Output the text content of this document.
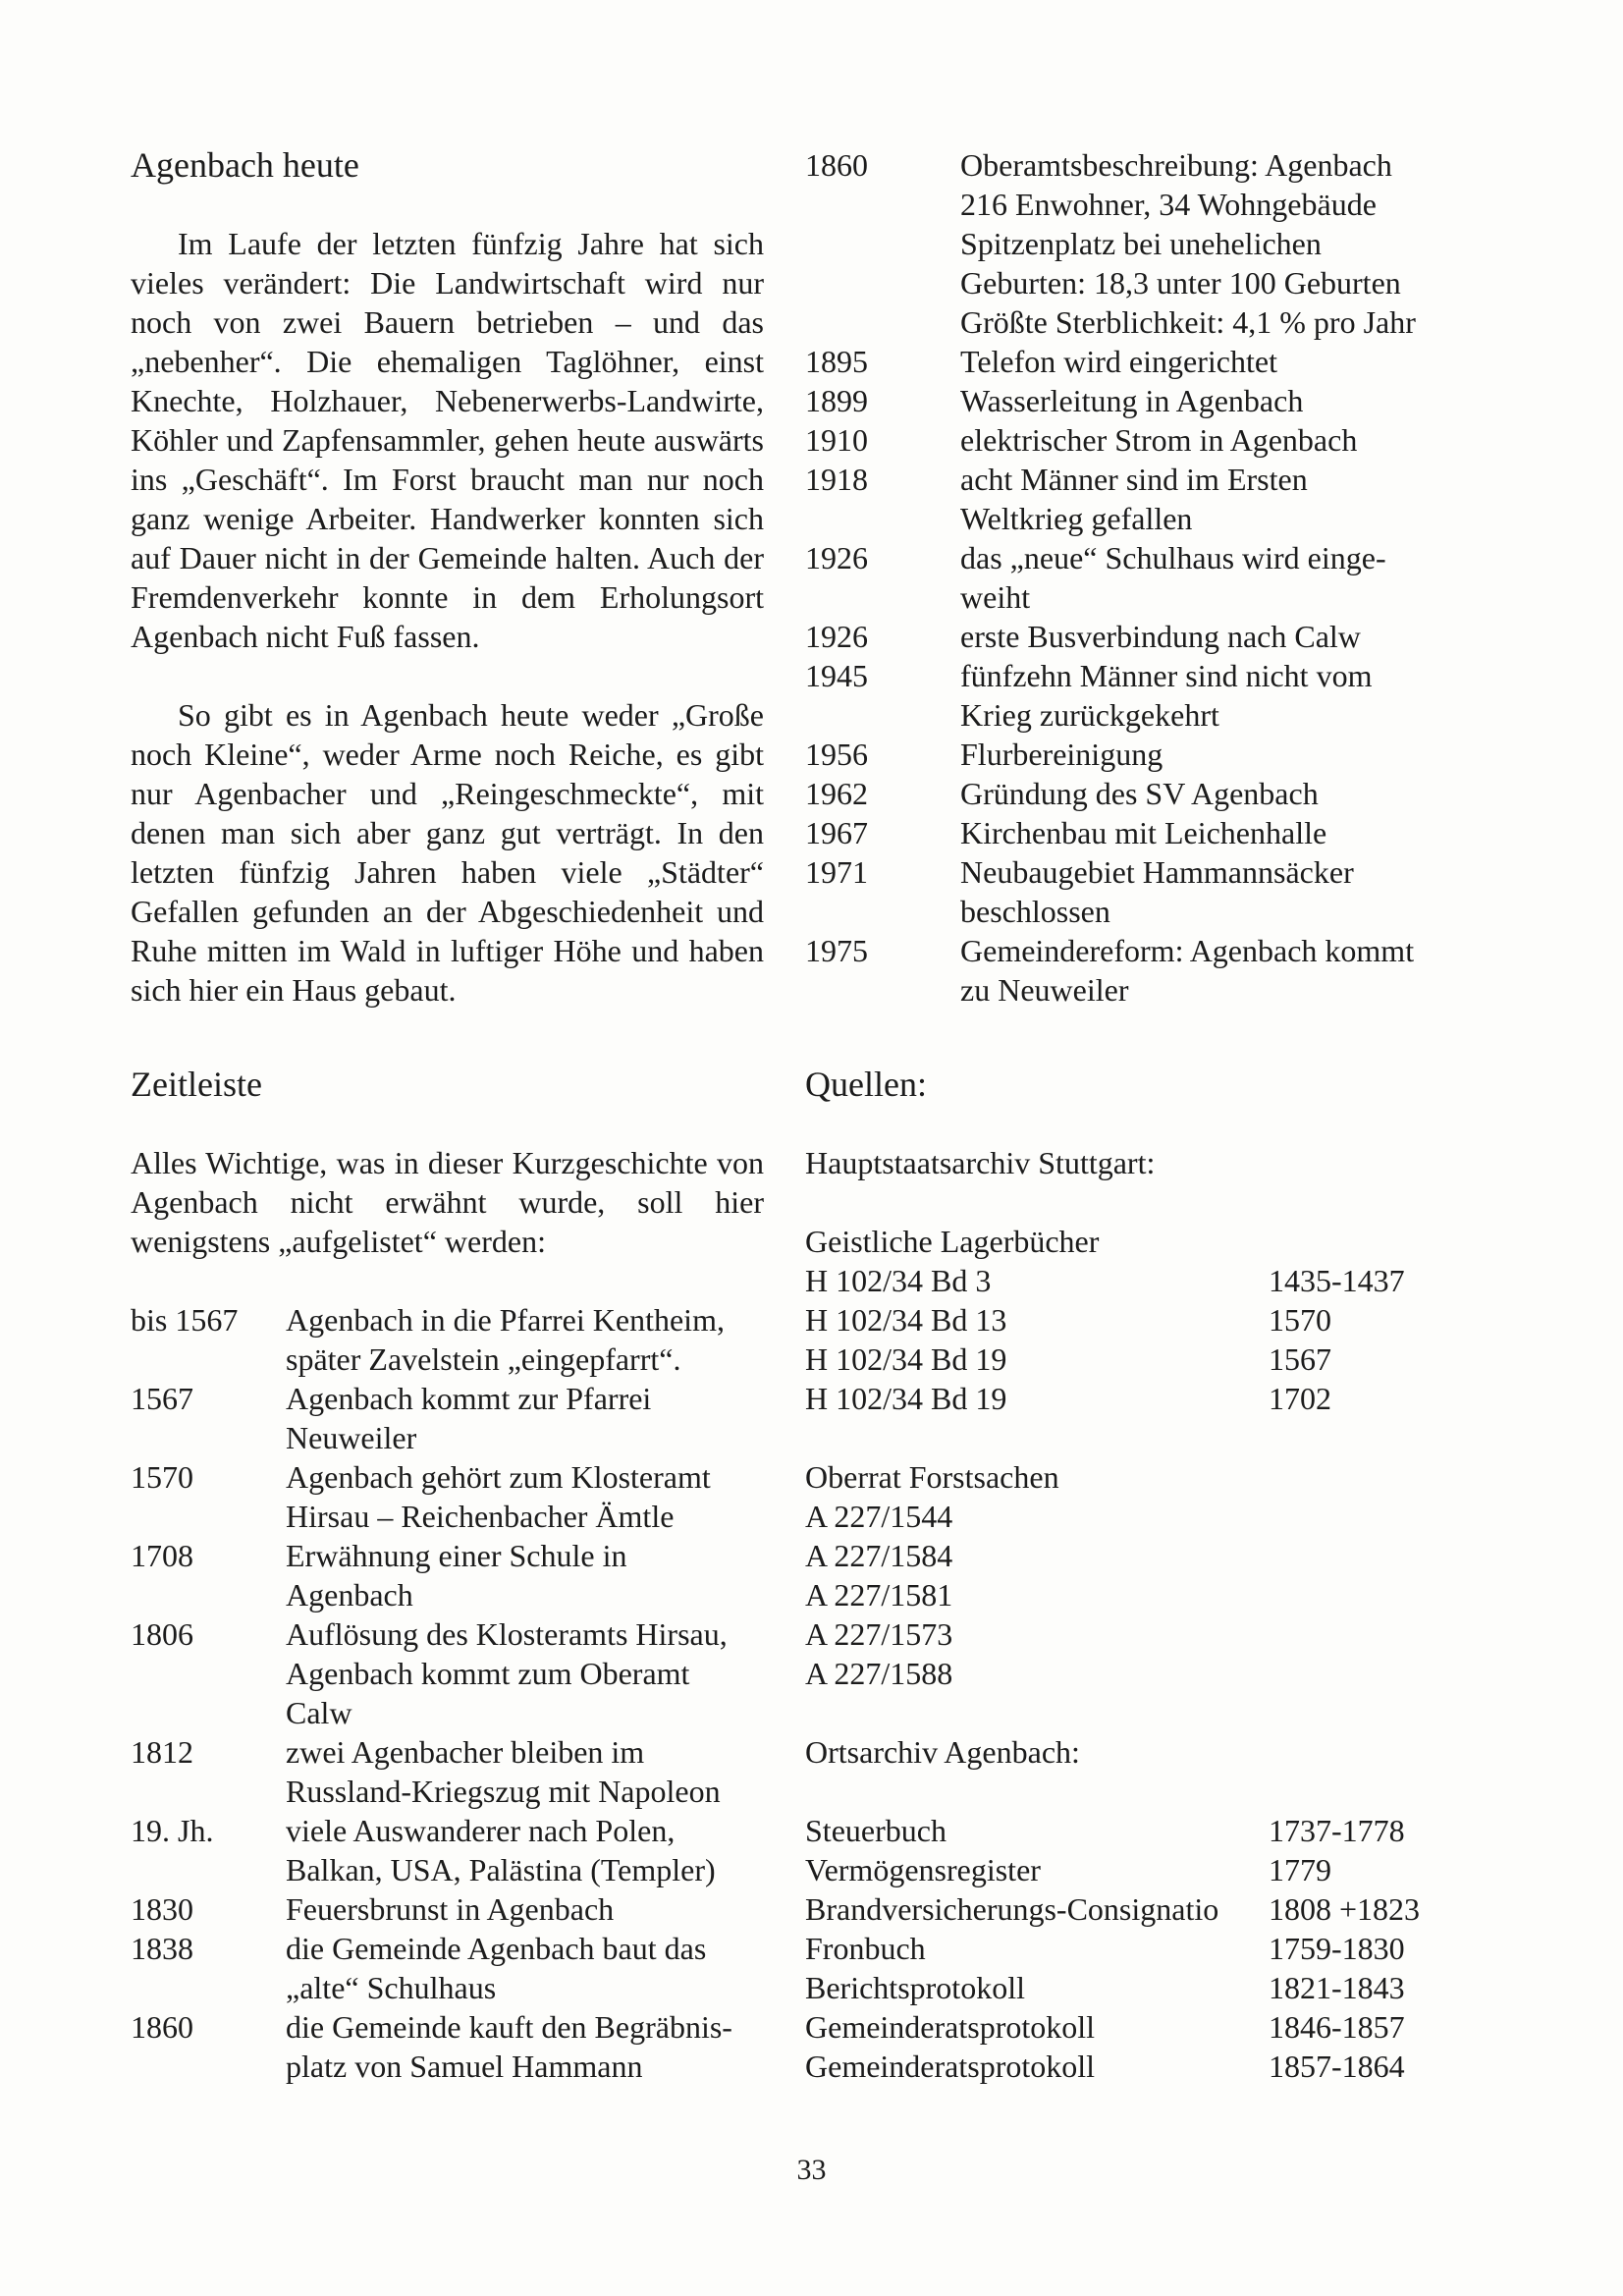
Agenbach heute

Im Laufe der letzten fünfzig Jahre hat sich vieles verändert: Die Landwirtschaft wird nur noch von zwei Bauern betrieben – und das „nebenher“. Die ehemaligen Taglöhner, einst Knechte, Holzhauer, Nebenerwerbs-Landwirte, Köhler und Zapfensammler, gehen heute auswärts ins „Geschäft“. Im Forst braucht man nur noch ganz wenige Arbeiter. Handwerker konnten sich auf Dauer nicht in der Gemeinde halten. Auch der Fremdenverkehr konnte in dem Erholungsort Agenbach nicht Fuß fassen.

So gibt es in Agenbach heute weder „Große noch Kleine“, weder Arme noch Reiche, es gibt nur Agenbacher und „Reingeschmeckte“, mit denen man sich aber ganz gut verträgt. In den letzten fünfzig Jahren haben viele „Städter“ Gefallen gefunden an der Abgeschiedenheit und Ruhe mitten im Wald in luftiger Höhe und haben sich hier ein Haus gebaut.

Zeitleiste

Alles Wichtige, was in dieser Kurzgeschichte von Agenbach nicht erwähnt wurde, soll hier wenigstens „aufgelistet“ werden:

bis 1567	Agenbach in die Pfarrei Kentheim,
später Zavelstein „eingepfarrt“.
1567	Agenbach kommt zur Pfarrei
Neuweiler
1570	Agenbach gehört zum Klosteramt
Hirsau – Reichenbacher Ämtle
1708	Erwähnung einer Schule in
Agenbach
1806	Auflösung des Klosteramts Hirsau,
Agenbach kommt zum Oberamt
Calw
1812	zwei Agenbacher bleiben im
Russland-Kriegszug mit Napoleon
19. Jh.	viele Auswanderer nach Polen,
Balkan, USA, Palästina (Templer)
1830	Feuersbrunst in Agenbach
1838	die Gemeinde Agenbach baut das
„alte“ Schulhaus
1860	die Gemeinde kauft den Begräbnis-
platz von Samuel Hammann
1860	Oberamtsbeschreibung: Agenbach
216 Enwohner, 34 Wohngebäude
Spitzenplatz bei unehelichen
Geburten: 18,3 unter 100 Geburten
Größte Sterblichkeit: 4,1 % pro Jahr
1895	Telefon wird eingerichtet
1899	Wasserleitung in Agenbach
1910	elektrischer Strom in Agenbach
1918	acht Männer sind im Ersten
Weltkrieg gefallen
1926	das „neue“ Schulhaus wird einge-
weiht
1926	erste Busverbindung nach Calw
1945	fünfzehn Männer sind nicht vom
Krieg zurückgekehrt
1956	Flurbereinigung
1962	Gründung des SV Agenbach
1967	Kirchenbau mit Leichenhalle
1971	Neubaugebiet Hammannsäcker
beschlossen
1975	Gemeindereform: Agenbach kommt
zu Neuweiler
Quellen:

Hauptstaatsarchiv Stuttgart:

Geistliche Lagerbücher
H 102/34 Bd 3	1435-1437
H 102/34 Bd 13	1570
H 102/34 Bd 19	1567
H 102/34 Bd 19	1702
Oberrat Forstsachen
A 227/1544
A 227/1584
A 227/1581
A 227/1573
A 227/1588
Ortsarchiv Agenbach:
Steuerbuch	1737-1778
Vermögensregister	1779
Brandversicherungs-Consignatio	1808 +1823
Fronbuch	1759-1830
Berichtsprotokoll	1821-1843
Gemeinderatsprotokoll	1846-1857
Gemeinderatsprotokoll	1857-1864
33
